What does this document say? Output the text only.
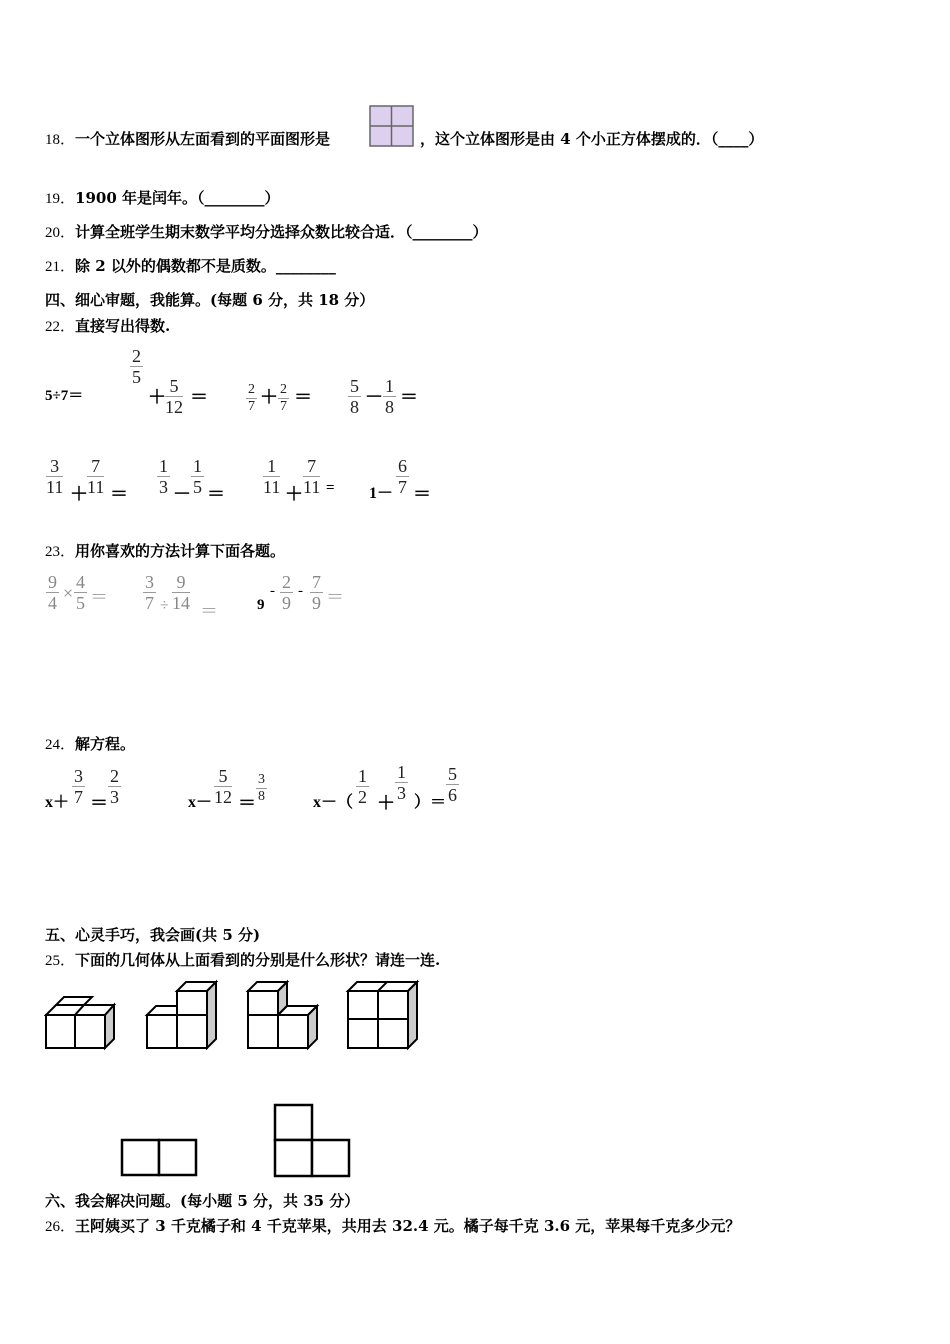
18．一个立体图形从左面看到的平面图形是	，这个立体图形是由 4 个小正方体摆成的．（____）
19．1900 年是闰年。（________）
20．计算全班学生期末数学平均分选择众数比较合适．（________）
21．除 2 以外的偶数都不是质数。________
四、细心审题，我能算。(每题 6 分，共 18 分）
22．直接写出得数.
5÷7＝
$\frac{2}{5}$
＋ $\frac{5}{12}$ ＝	$\frac{2}{7} + \frac{2}{7} = \frac{5}{8} - \frac{1}{8}$ ＝
$\frac{3}{11} + \frac{7}{11} = \frac{1}{3} - \frac{1}{5} = \frac{1}{11} + \frac{7}{11} = 1- \frac{6}{7}$ ＝
23．用你喜欢的方法计算下面各题。
$\frac{9}{4} \times \frac{4}{5} = \frac{3}{7} \div \frac{9}{14}$ ＝	9
- $\frac{2}{9} - \frac{7}{9}$ ＝
24．解方程。
$x+ \frac{3}{7} = \frac{2}{3}$	$x- \frac{5}{12} = \frac{3}{8}$	$x-( \frac{1}{2} + \frac{1}{3}$ ）＝ $\frac{5}{6}$
五、心灵手巧，我会画(共 5 分)
25．下面的几何体从上面看到的分别是什么形状？请连一连.
六、我会解决问题。(每小题 5 分，共 35 分）
26．王阿姨买了 3 千克橘子和 4 千克苹果，共用去 32.4 元。橘子每千克 3.6 元，苹果每千克多少元？
